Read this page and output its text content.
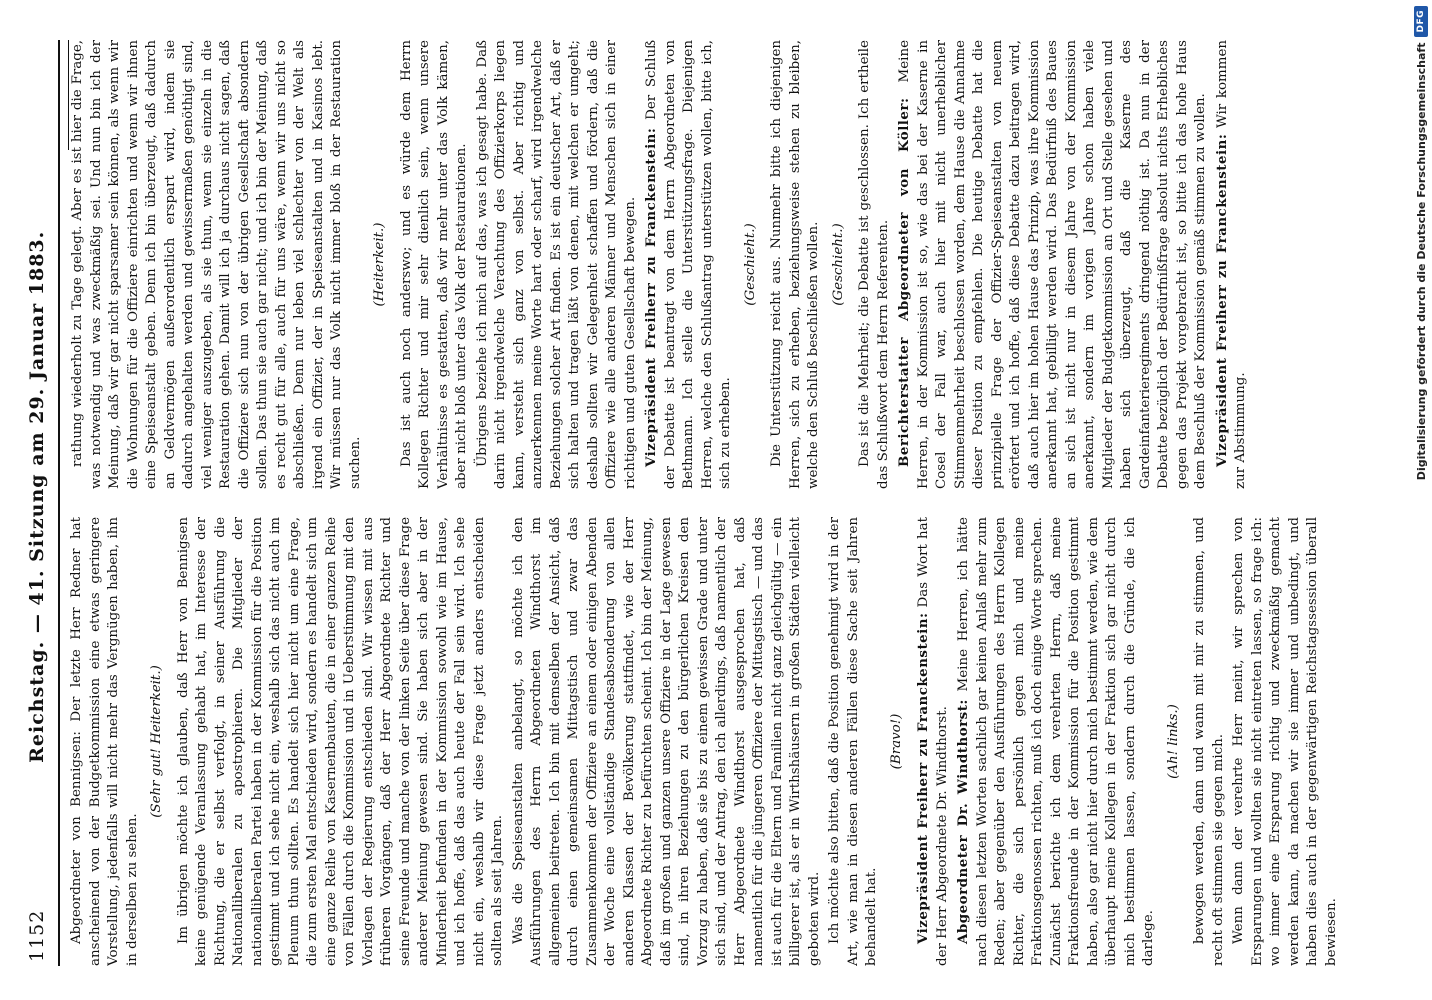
1152
Reichstag. — 41. Sitzung am 29. Januar 1883. Abgeordneter von Bennigsen: Der letzte Herr Redner hat anscheinend von der Budgetkommission eine etwas geringere Vorstellung, jedenfalls will nicht mehr das Vergnügen haben, ihn in derselben zu sehen.

(Sehr gut! Heiterkeit.) Im übrigen möchte ich glauben, daß Herr von Bennigsen keine genügende Veranlassung gehabt hat, im Interesse der Richtung, die er selbst verfolgt, in seiner Ausführung die Nationalliberalen zu apostrophieren. Die Mitglieder der nationalliberalen Partei haben in der Kommission für die Position gestimmt und ich sehe nicht ein, weshalb sich das nicht auch im Plenum thun sollten. Es handelt sich hier nicht um eine Frage, die zum ersten Mal entschieden wird, sondern es handelt sich um eine ganze Reihe von Kasernenbauten, die in einer ganzen Reihe von Fällen durch die Kommission und in Ueberstimmung mit den Vorlagen der Regierung entschieden sind. Wir wissen mit aus früheren Vorgängen, daß der Herr Abgeordnete Richter und seine Freunde und manche von der linken Seite über diese Frage anderer Meinung gewesen sind. Sie haben sich aber in der Minderheit befunden in der Kommission sowohl wie im Hause, und ich hoffe, daß das auch heute der Fall sein wird. Ich sehe nicht ein, weshalb wir diese Frage jetzt anders entscheiden sollten als seit Jahren. Was die Speiseanstalten anbelangt, so möchte ich den Ausführungen des Herrn Abgeordneten Windthorst im allgemeinen beitreten. Ich bin mit demselben der Ansicht, daß durch einen gemeinsamen Mittagstisch und zwar das Zusammenkommen der Offiziere an einem oder einigen Abenden der Woche eine vollständige Standesabsonderung von allen anderen Klassen der Bevölkerung stattfindet, wie der Herr Abgeordnete Richter zu befürchten scheint. Ich bin der Meinung, daß im großen und ganzen unsere Offiziere in der Lage gewesen sind, in ihren Beziehungen zu den bürgerlichen Kreisen den Vorzug zu haben, daß sie bis zu einem gewissen Grade und unter sich sind, und der Antrag, den ich allerdings, daß namentlich der Herr Abgeordnete Windthorst ausgesprochen hat, daß namentlich für die jüngeren Offiziere der Mittagstisch — und das ist auch für die Eltern und Familien nicht ganz gleichgültig — ein billigerer ist, als er in Wirthshäusern in großen Städten vielleicht geboten wird. Ich möchte also bitten, daß die Position genehmigt wird in der Art, wie man in diesen anderen Fällen diese Sache seit Jahren behandelt hat.

(Bravo!) Vizepräsident Freiherr zu Franckenstein: Das Wort hat der Herr Abgeordnete Dr. Windthorst. Abgeordneter Dr. Windthorst: Meine Herren, ich hätte nach diesen letzten Worten sachlich gar keinen Anlaß mehr zum Reden; aber gegenüber den Ausführungen des Herrn Kollegen Richter, die sich persönlich gegen mich und meine Fraktionsgenossen richten, muß ich doch einige Worte sprechen. Zunächst berichte ich dem verehrten Herrn, daß meine Fraktionsfreunde in der Kommission für die Position gestimmt haben, also gar nicht hier durch mich bestimmt werden, wie dem überhaupt meine Kollegen in der Fraktion sich gar nicht durch mich bestimmen lassen, sondern durch die Gründe, die ich darlege.

(Ah! links.) bewogen werden, dann und wann mit mir zu stimmen, und recht oft stimmen sie gegen mich. Wenn dann der verehrte Herr meint, wir sprechen von Ersparungen und wollten sie nicht eintreten lassen, so frage ich: wo immer eine Ersparung richtig und zweckmäßig gemacht werden kann, da machen wir sie immer und unbedingt, und haben dies auch in der gegenwärtigen Reichstagssession überall bewiesen.

rathung wiederholt zu Tage gelegt. Aber es ist hier die Frage, was notwendig und was zweckmäßig sei. Und nun bin ich der Meinung, daß wir gar nicht sparsamer sein können, als wenn wir die Wohnungen für die Offiziere einrichten und wenn wir ihnen eine Speiseanstalt geben. Denn ich bin überzeugt, daß dadurch an Geldvermögen außerordentlich erspart wird, indem sie dadurch angehalten werden und gewissermaßen genöthigt sind, viel weniger auszugeben, als sie thun, wenn sie einzeln in die Restauration gehen. Damit will ich ja durchaus nicht sagen, daß die Offiziere sich nun von der übrigen Gesellschaft absondern sollen. Das thun sie auch gar nicht; und ich bin der Meinung, daß es recht gut für alle, auch für uns wäre, wenn wir uns nicht so abschließen. Denn nur leben viel schlechter von der Welt als irgend ein Offizier, der in Speiseanstalten und in Kasinos lebt. Wir müssen nur das Volk nicht immer bloß in der Restauration suchen.

(Heiterkeit.) Das ist auch noch anderswo; und es würde dem Herrn Kollegen Richter und mir sehr dienlich sein, wenn unsere Verhältnisse es gestatten, daß wir mehr unter das Volk kämen, aber nicht bloß unter das Volk der Restaurationen. Übrigens beziehe ich mich auf das, was ich gesagt habe. Daß darin nicht irgendwelche Verachtung des Offizierkorps liegen kann, versteht sich ganz von selbst. Aber richtig und anzuerkennen meine Worte hart oder scharf, wird irgendwelche Beziehungen solcher Art finden. Es ist ein deutscher Art, daß er sich halten und tragen läßt von denen, mit welchen er umgeht; deshalb sollten wir Gelegenheit schaffen und fördern, daß die Offiziere wie alle anderen Männer und Menschen sich in einer richtigen und guten Gesellschaft bewegen. Vizepräsident Freiherr zu Franckenstein: Der Schluß der Debatte ist beantragt von dem Herrn Abgeordneten von Bethmann. Ich stelle die Unterstützungsfrage. Diejenigen Herren, welche den Schlußantrag unterstützen wollen, bitte ich, sich zu erheben.

(Geschieht.) Die Unterstützung reicht aus. Nunmehr bitte ich diejenigen Herren, sich zu erheben, beziehungsweise stehen zu bleiben, welche den Schluß beschließen wollen. (Geschieht.) Das ist die Mehrheit; die Debatte ist geschlossen. Ich ertheile das Schlußwort dem Herrn Referenten. Berichterstatter Abgeordneter von Köller: Meine Herren, in der Kommission ist so, wie das bei der Kaserne in Cosel der Fall war, auch hier mit nicht unerheblicher Stimmenmehrheit beschlossen worden, dem Hause die Annahme dieser Position zu empfehlen. Die heutige Debatte hat die prinzipielle Frage der Offizier-Speiseanstalten von neuem erörtert und ich hoffe, daß diese Debatte dazu beitragen wird, daß auch hier im hohen Hause das Prinzip, was ihre Kommission anerkannt hat, gebilligt werden wird. Das Bedürfniß des Baues an sich ist nicht nur in diesem Jahre von der Kommission anerkannt, sondern im vorigen Jahre schon haben viele Mitglieder der Budgetkommission an Ort und Stelle gesehen und haben sich überzeugt, daß die Kaserne des Gardeinfanterieregiments dringend nöthig ist. Da nun in der Debatte bezüglich der Bedürfnißfrage absolut nichts Erhebliches gegen das Projekt vorgebracht ist, so bitte ich das hohe Haus dem Beschluß der Kommission gemäß stimmen zu wollen. Vizepräsident Freiherr zu Franckenstein: Wir kommen zur Abstimmung.	Digitalisierung gefördert durch die Deutsche Forschungsgemeinschaft
DFG
